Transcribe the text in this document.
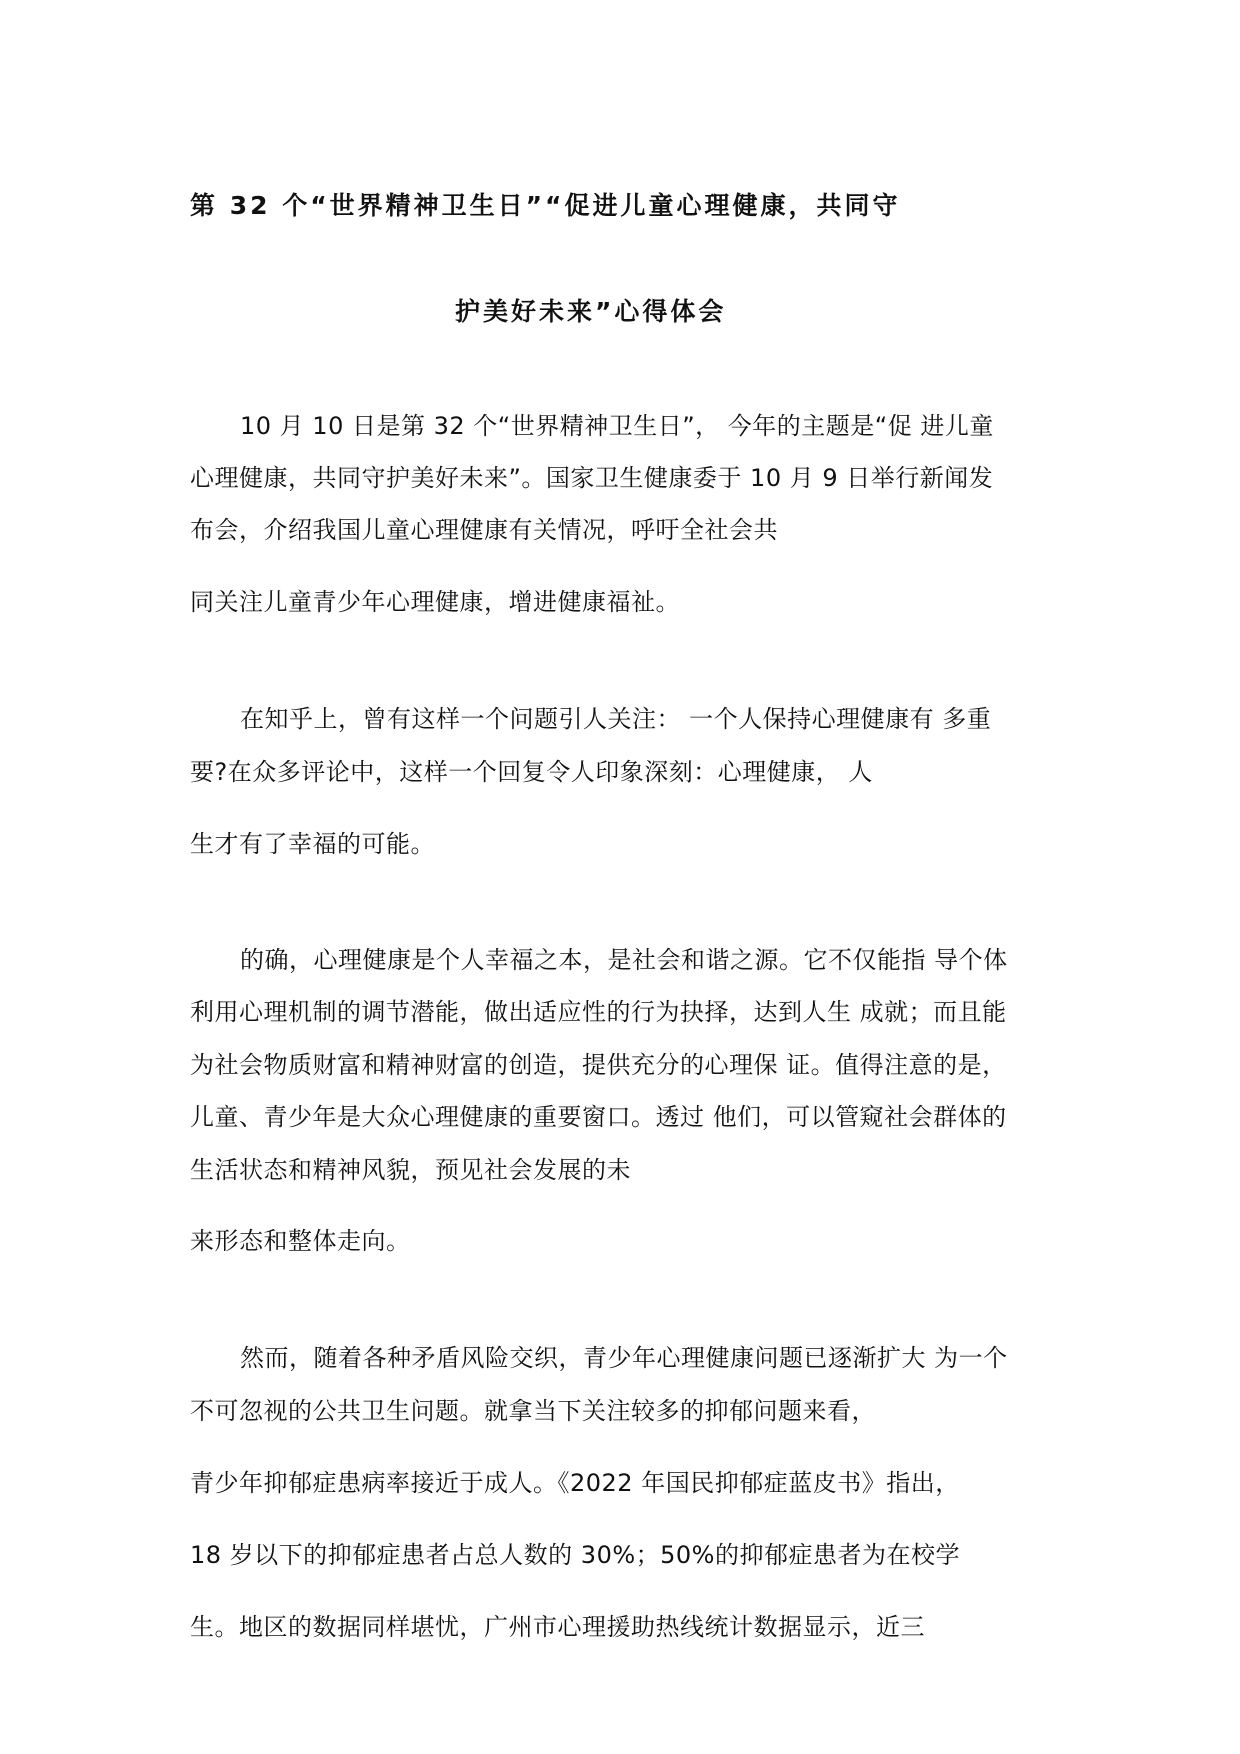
第 32 个“世界精神卫生日”“促进儿童心理健康，共同守
护美好未来”心得体会
10 月 10 日是第 32 个“世界精神卫生日”， 今年的主题是“促 进儿童
心理健康，共同守护美好未来”。国家卫生健康委于 10 月 9 日举行新闻发
布会，介绍我国儿童心理健康有关情况，呼吁全社会共
同关注儿童青少年心理健康，增进健康福祉。
在知乎上，曾有这样一个问题引人关注： 一个人保持心理健康有 多重
要?在众多评论中，这样一个回复令人印象深刻：心理健康， 人
生才有了幸福的可能。
的确，心理健康是个人幸福之本，是社会和谐之源。它不仅能指 导个体
利用心理机制的调节潜能，做出适应性的行为抉择，达到人生 成就；而且能
为社会物质财富和精神财富的创造，提供充分的心理保 证。值得注意的是，
儿童、青少年是大众心理健康的重要窗口。透过 他们，可以管窥社会群体的
生活状态和精神风貌，预见社会发展的未
来形态和整体走向。
然而，随着各种矛盾风险交织，青少年心理健康问题已逐渐扩大 为一个
不可忽视的公共卫生问题。就拿当下关注较多的抑郁问题来看，
青少年抑郁症患病率接近于成人。《2022 年国民抑郁症蓝皮书》指出，
18 岁以下的抑郁症患者占总人数的 30%；50%的抑郁症患者为在校学
生。地区的数据同样堪忧，广州市心理援助热线统计数据显示，近三
